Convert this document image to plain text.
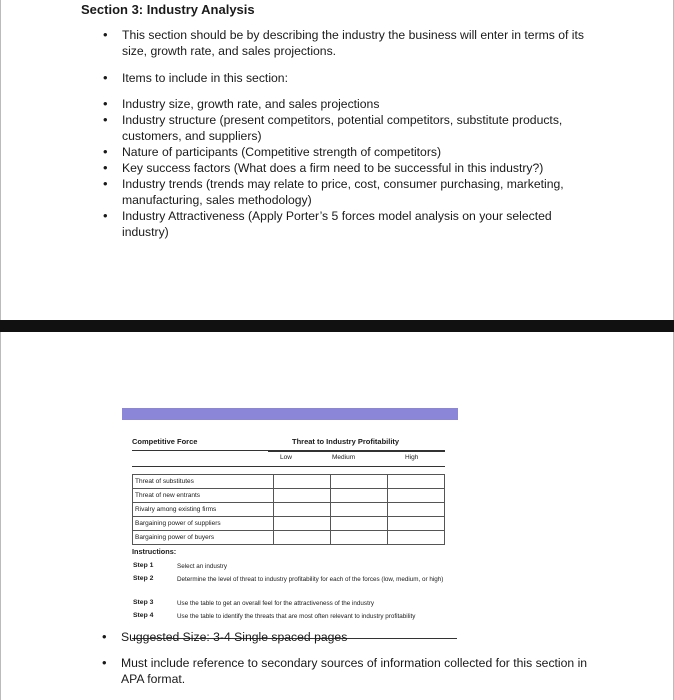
Section 3: Industry Analysis
• This section should be by describing the industry the business will enter in terms of its size, growth rate, and sales projections.
• Items to include in this section:
• Industry size, growth rate, and sales projections
• Industry structure (present competitors, potential competitors, substitute products, customers, and suppliers)
• Nature of participants (Competitive strength of competitors)
• Key success factors (What does a firm need to be successful in this industry?)
• Industry trends (trends may relate to price, cost, consumer purchasing, marketing, manufacturing, sales methodology)
• Industry Attractiveness (Apply Porter’s 5 forces model analysis on your selected industry)
Competitive Force	Threat to Industry Profitability
Low	Medium	High
Threat of substitutes			
Threat of new entrants			
Rivalry among existing firms			
Bargaining power of suppliers			
Bargaining power of buyers			
Instructions:
Step 1	Select an industry
Step 2	Determine the level of threat to industry profitability for each of the forces (low, medium, or high)
Step 3	Use the table to get an overall feel for the attractiveness of the industry
Step 4	Use the table to identify the threats that are most often relevant to industry profitability
• Suggested Size: 3-4 Single spaced pages
• Must include reference to secondary sources of information collected for this section in APA format.
